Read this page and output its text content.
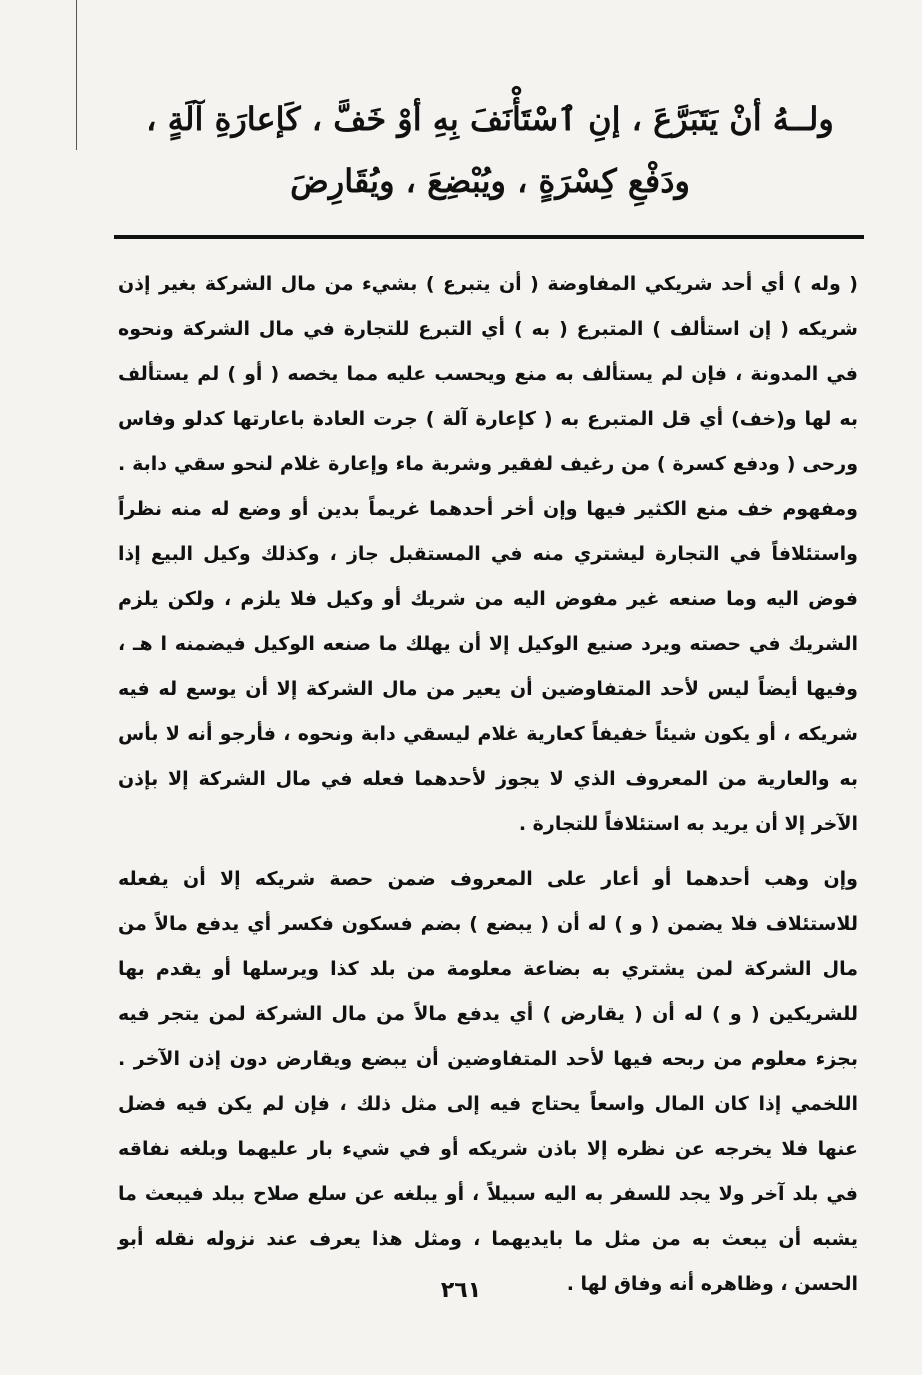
ولــهُ أنْ يَتَبَرَّعَ ، إنِ ٱسْتَأْنَفَ بِهِ أوْ خَفَّ ، كَإعارَةِ آلَةٍ ،
ودَفْعِ كِسْرَةٍ ، ويُبْضِعَ ، ويُقَارِضَ

( وله ) أي أحد شريكي المفاوضة ( أن يتبرع ) بشيء من مال الشركة بغير إذن شريكه ( إن استألف ) المتبرع ( به ) أي التبرع للتجارة في مال الشركة ونحوه في المدونة ، فإن لم يستألف به منع ويحسب عليه مما يخصه ( أو ) لم يستألف به لها و(خف) أي قل المتبرع به ( كإعارة آلة ) جرت العادة باعارتها كدلو وفاس ورحى ( ودفع كسرة ) من رغيف لفقير وشربة ماء وإعارة غلام لنحو سقي دابة . ومفهوم خف منع الكثير فيها وإن أخر أحدهما غريماً بدين أو وضع له منه نظراً واستئلافاً في التجارة ليشتري منه في المستقبل جاز ، وكذلك وكيل البيع إذا فوض اليه وما صنعه غير مفوض اليه من شريك أو وكيل فلا يلزم ، ولكن يلزم الشريك في حصته ويرد صنيع الوكيل إلا أن يهلك ما صنعه الوكيل فيضمنه ا هـ ، وفيها أيضاً ليس لأحد المتفاوضين أن يعير من مال الشركة إلا أن يوسع له فيه شريكه ، أو يكون شيئاً خفيفاً كعارية غلام ليسقي دابة ونحوه ، فأرجو أنه لا بأس به والعارية من المعروف الذي لا يجوز لأحدهما فعله في مال الشركة إلا بإذن الآخر إلا أن يريد به استئلافاً للتجارة .

وإن وهب أحدهما أو أعار على المعروف ضمن حصة شريكه إلا أن يفعله للاستئلاف فلا يضمن ( و ) له أن ( يبضع ) بضم فسكون فكسر أي يدفع مالاً من مال الشركة لمن يشتري به بضاعة معلومة من بلد كذا ويرسلها أو يقدم بها للشريكين ( و ) له أن ( يقارض ) أي يدفع مالاً من مال الشركة لمن يتجر فيه بجزء معلوم من ربحه فيها لأحد المتفاوضين أن يبضع ويقارض دون إذن الآخر . اللخمي إذا كان المال واسعاً يحتاج فيه إلى مثل ذلك ، فإن لم يكن فيه فضل عنها فلا يخرجه عن نظره إلا باذن شريكه أو في شيء بار عليهما وبلغه نفاقه في بلد آخر ولا يجد للسفر به اليه سبيلاً ، أو يبلغه عن سلع صلاح ببلد فيبعث ما يشبه أن يبعث به من مثل ما بايديهما ، ومثل هذا يعرف عند نزوله نقله أبو الحسن ، وظاهره أنه وفاق لها .

٢٦١
